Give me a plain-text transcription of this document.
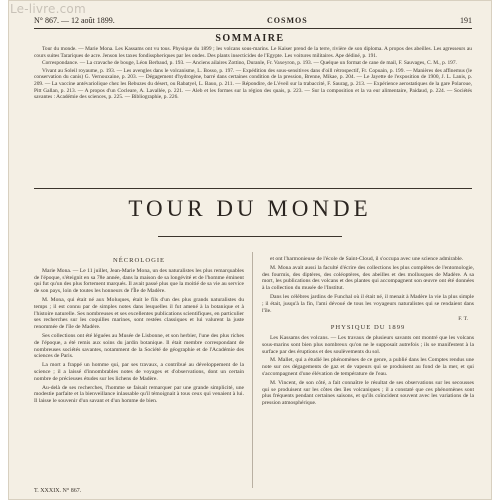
Le-livre.com
N° 867. — 12 août 1899.	COSMOS	191
SOMMAIRE

Tour du monde. — Marie Mona. Les Kassams ont vu tous. Physique du 1899 ; les volcans sous-marins. Le Kaiser prend de la terre, rivière de son diploma. A propos des abeilles. Les agresseurs au cours suites Tarariques de acre. Jenson les taxes fondisspheriques par les ondes. Des plants insecticides de l'Egypte. Les voitures militaires. Ape dédiné, p. 191.

Correspondance. — La cravache de bouge, Léon Berbaud, p. 193. — Anciens ailaires Zottino, Duranle, Fr. Vaxeyron, p. 193. — Quelque un format de cane de mail, F. Sauvages, C. M., p. 197.

Vivant au Soleil royaume, p. 193. — Les avengles dans le volcanisme, L. Bosso, p. 197. — Expédition des sous-sensitives dans d'oill rétrospectif, Fr. Copuain, p. 199. — Manières des affinemus (le conservation du canis) G. Vernouxaine, p. 203. — Dégagement d'hydrogène, barré dans certaines condition de la pression, Brenne, Mikae, p. 204. — Le Jayette de l'exposition de 1900, J. L. Lanis, p. 209. — La vaccine antévariolique chez les Rebuzes du désert, ou Rabatyel, L. Bauo, p. 211. — Répondire, de L'éveil sur la trabaccité, F. Saurag, p. 213. — Expérience aerostatiques de la gare Polaroue, Pitt Gallan, p. 213. — A propos d'un Cocleare, A. Lavallée, p. 221. — Aleb et les formes sur la région des quais, p. 223. — Sur la composition et la va eur alimentaire, Paidaud, p. 224. — Sociétés savantes : Académie des sciences, p. 225. — Bibliographie, p. 226.

TOUR DU MONDE
NÉCROLOGIE

Marie Mona. — Le 11 juillet, Jean-Marie Mona, un des naturalistes les plus remarquables de l'époque, s'éteignit en sa 78e année, dans la maison de sa longévité et de l'homme éminent qui fut qu'un des plus fortement marqués. Il avait passé plus que la moitié de sa vie au service de son pays, loin de toutes les honneurs de l'Île de Madère.

M. Mona, qui était né aux Moluques, était le fils d'un des plus grands naturalistes du temps ; il est connu par de simples notes dans lesquelles il fut amené à la botanique et à l'histoire naturelle. Ses nombreuses et ses excellentes publications scientifiques, en particulier ses recherches sur les coquilles marines, sont restées classiques et lui valurent la juste renommée de l'île de Madère.

Ses collections ont été léguées au Musée de Lisbonne, et son herbier, l'une des plus riches de l'époque, a été remis aux soins du jardin botanique. Il était membre correspondant de nombreuses sociétés savantes, notamment de la Société de géographie et de l'Académie des sciences de Paris.

La mort a frappé un homme qui, par ses travaux, a contribué au développement de la science ; il a laissé d'innombrables notes de voyages et d'observations, dont un certain nombre de précieuses études sur les lichens de Madère.

Au-delà de ses recherches, l'homme se faisait remarquer par une grande simplicité, une modestie parfaite et la bienveillance inlassable qu'il témoignait à tous ceux qui venaient à lui. Il laisse le souvenir d'un savant et d'un homme de bien.

et ont l'harmonieuse de l'école de Saint-Cloud, il s'occupa avec une science admirable.

M. Mona avait aussi la faculté d'écrire des collections les plus complètes de l'entomologie, des fourmis, des diptères, des coléoptères, des abeilles et des mollusques de Madère. A sa mort, les publications des volcans et des plantes qui accompagnent son œuvre ont été données à la collection du musée de l'Institut.

Dans les célèbres jardins de Funchal où il était né, il menait à Madère la vie la plus simple ; il était, jusqu'à la fin, l'ami dévoué de tous les voyageurs naturalistes qui se rendaient dans l'île.

F. T.

PHYSIQUE DU 1899

Les Kassams des volcans. — Les travaux de plusieurs savants ont montré que les volcans sous-marins sont bien plus nombreux qu'on ne le supposait autrefois ; ils se manifestent à la surface par des éruptions et des soulèvements du sol.

M. Mallet, qui a étudié les phénomènes de ce genre, a publié dans les Comptes rendus une note sur ces dégagements de gaz et de vapeurs qui se produisent au fond de la mer, et qui s'accompagnent d'une élévation de température de l'eau.

M. Vincent, de son côté, a fait connaître le résultat de ses observations sur les secousses qui se produisent sur les côtes des îles volcaniques ; il a constaté que ces phénomènes sont plus fréquents pendant certaines saisons, et qu'ils coïncident souvent avec les variations de la pression atmosphérique.

T. XXXIX. N° 867.
